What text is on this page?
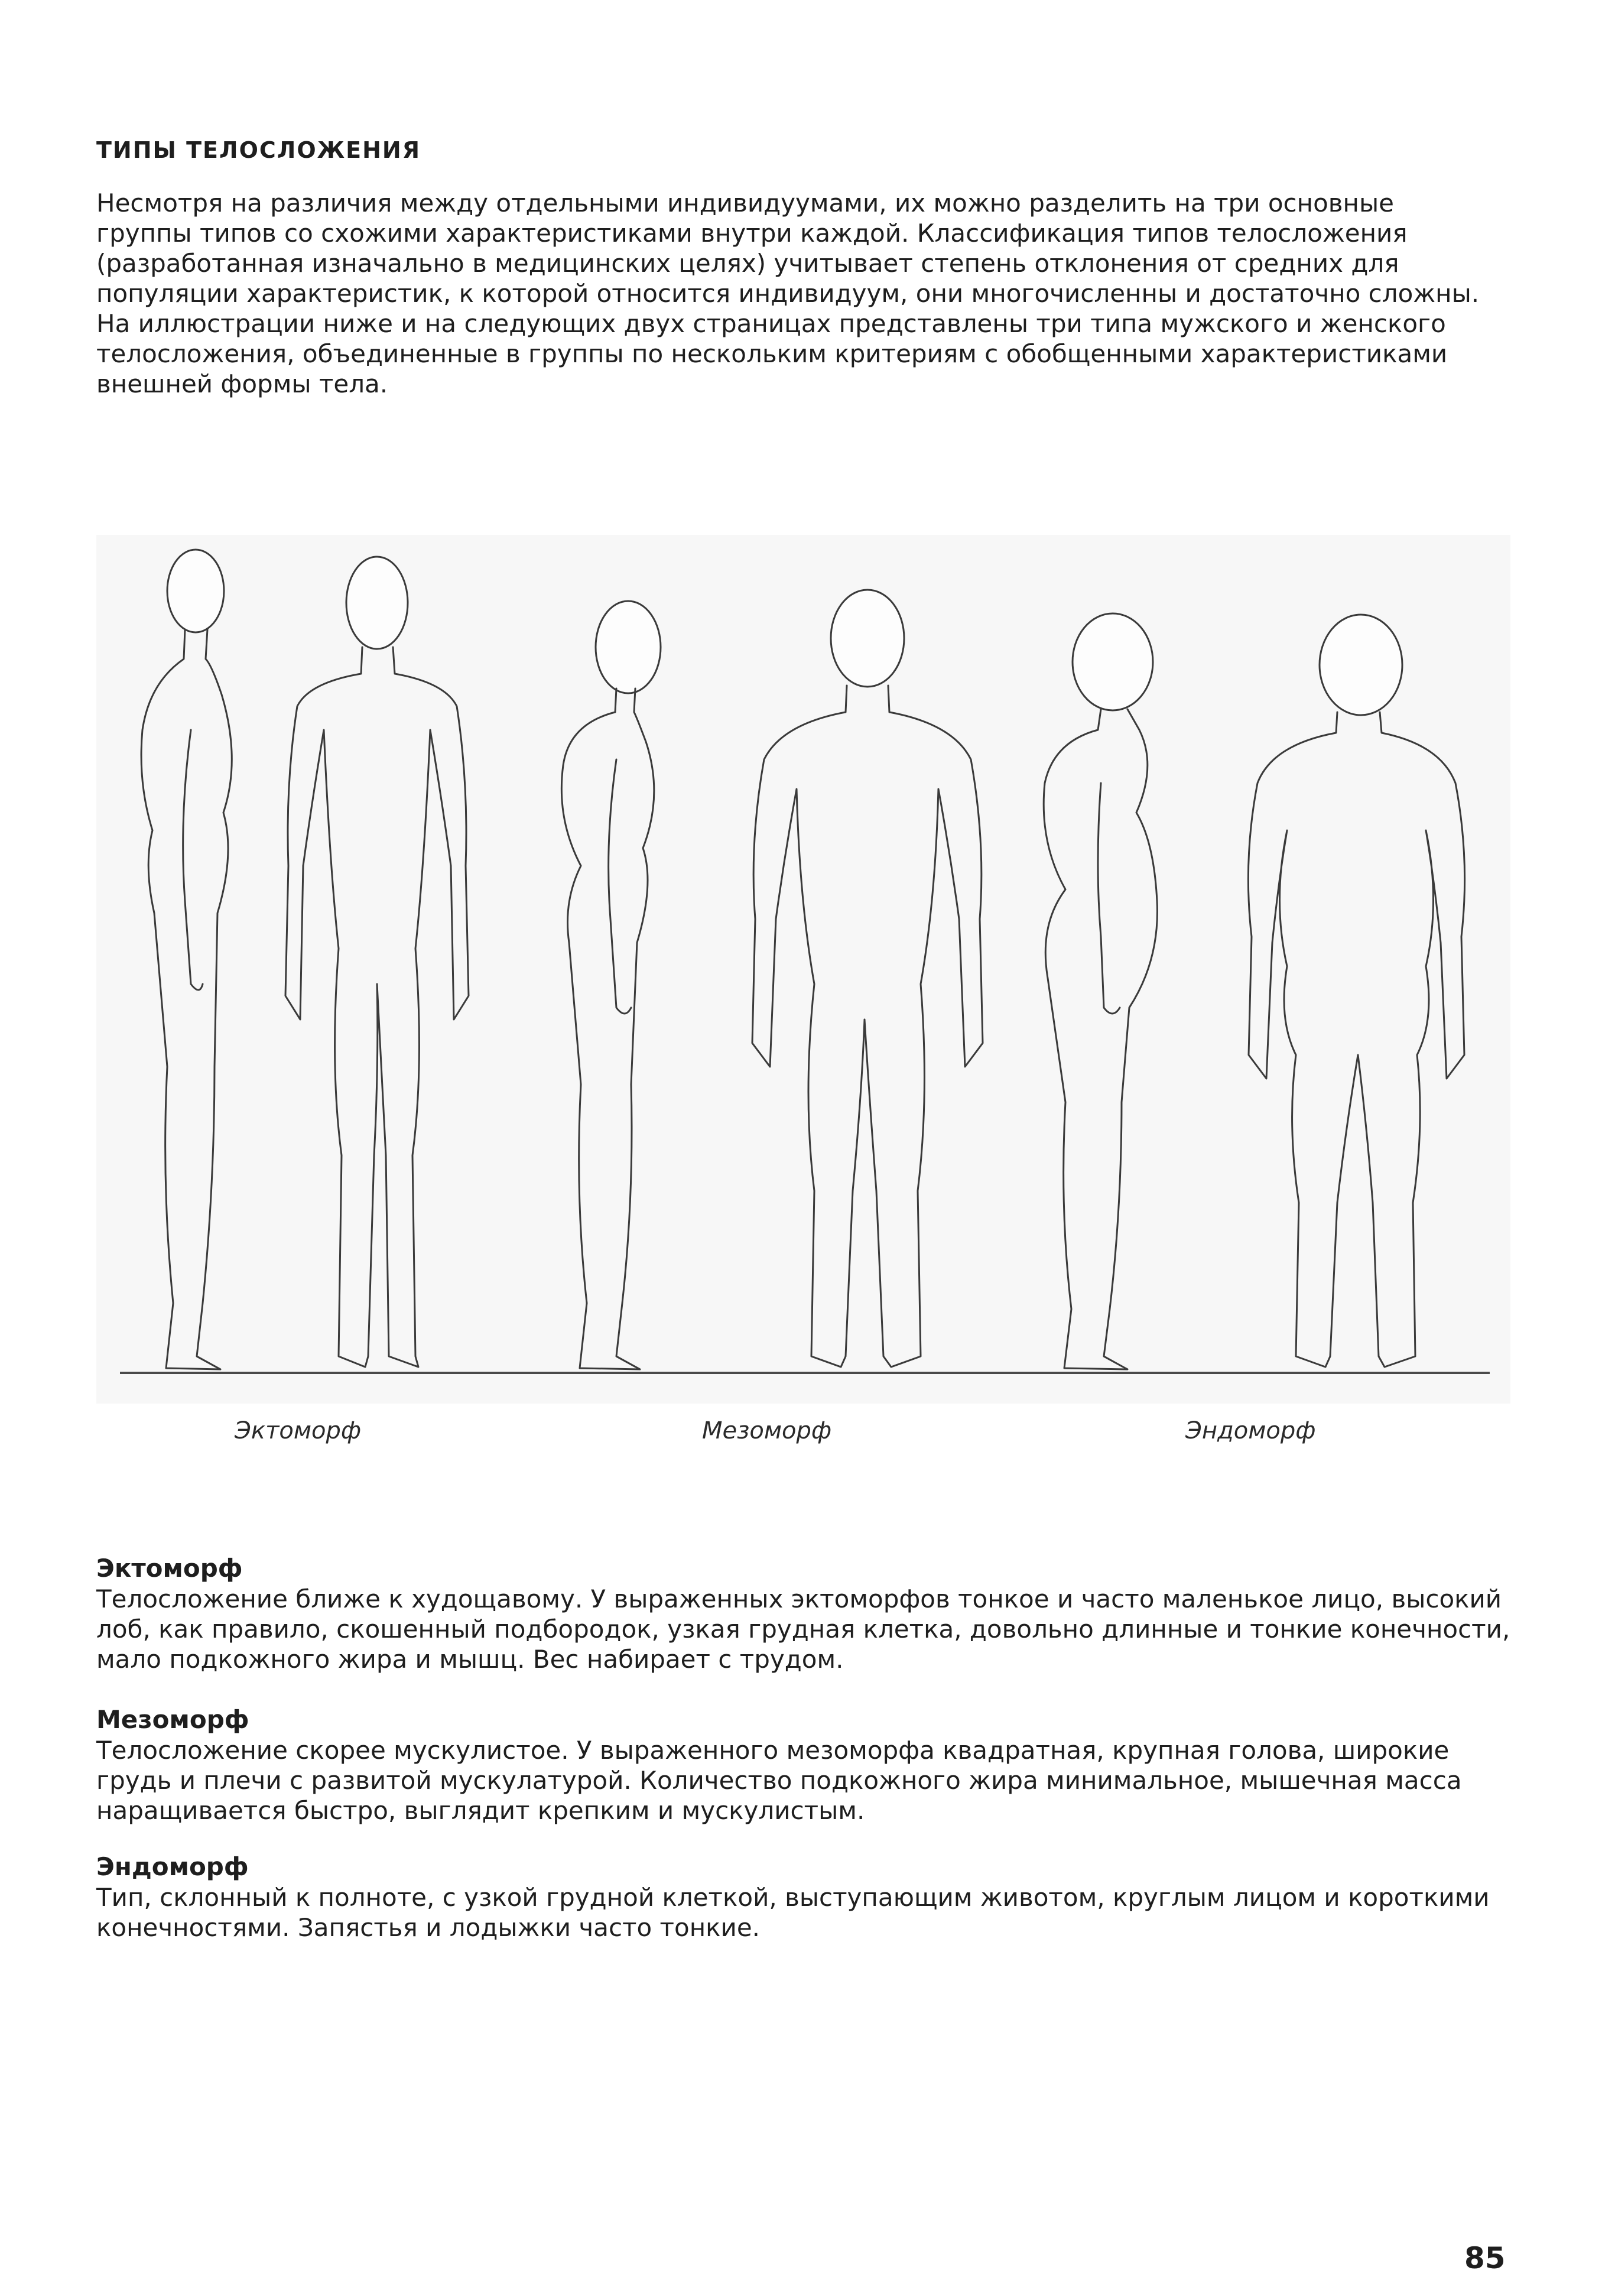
ТИПЫ ТЕЛОСЛОЖЕНИЯ

Несмотря на различия между отдельными индивидуумами, их можно разделить на три основные
группы типов со схожими характеристиками внутри каждой. Классификация типов телосложения
(разработанная изначально в медицинских целях) учитывает степень отклонения от средних для
популяции характеристик, к которой относится индивидуум, они многочисленны и достаточно сложны.
На иллюстрации ниже и на следующих двух страницах представлены три типа мужского и женского
телосложения, объединенные в группы по нескольким критериям с обобщенными характеристиками
внешней формы тела.

Эктоморф	Мезоморф	Эндоморф

Эктоморф

Телосложение ближе к худощавому. У выраженных эктоморфов тонкое и часто маленькое лицо, высокий
лоб, как правило, скошенный подбородок, узкая грудная клетка, довольно длинные и тонкие конечности,
мало подкожного жира и мышц. Вес набирает с трудом.

Мезоморф

Телосложение скорее мускулистое. У выраженного мезоморфа квадратная, крупная голова, широкие
грудь и плечи с развитой мускулатурой. Количество подкожного жира минимальное, мышечная масса
наращивается быстро, выглядит крепким и мускулистым.

Эндоморф

Тип, склонный к полноте, с узкой грудной клеткой, выступающим животом, круглым лицом и короткими
конечностями. Запястья и лодыжки часто тонкие.

85
